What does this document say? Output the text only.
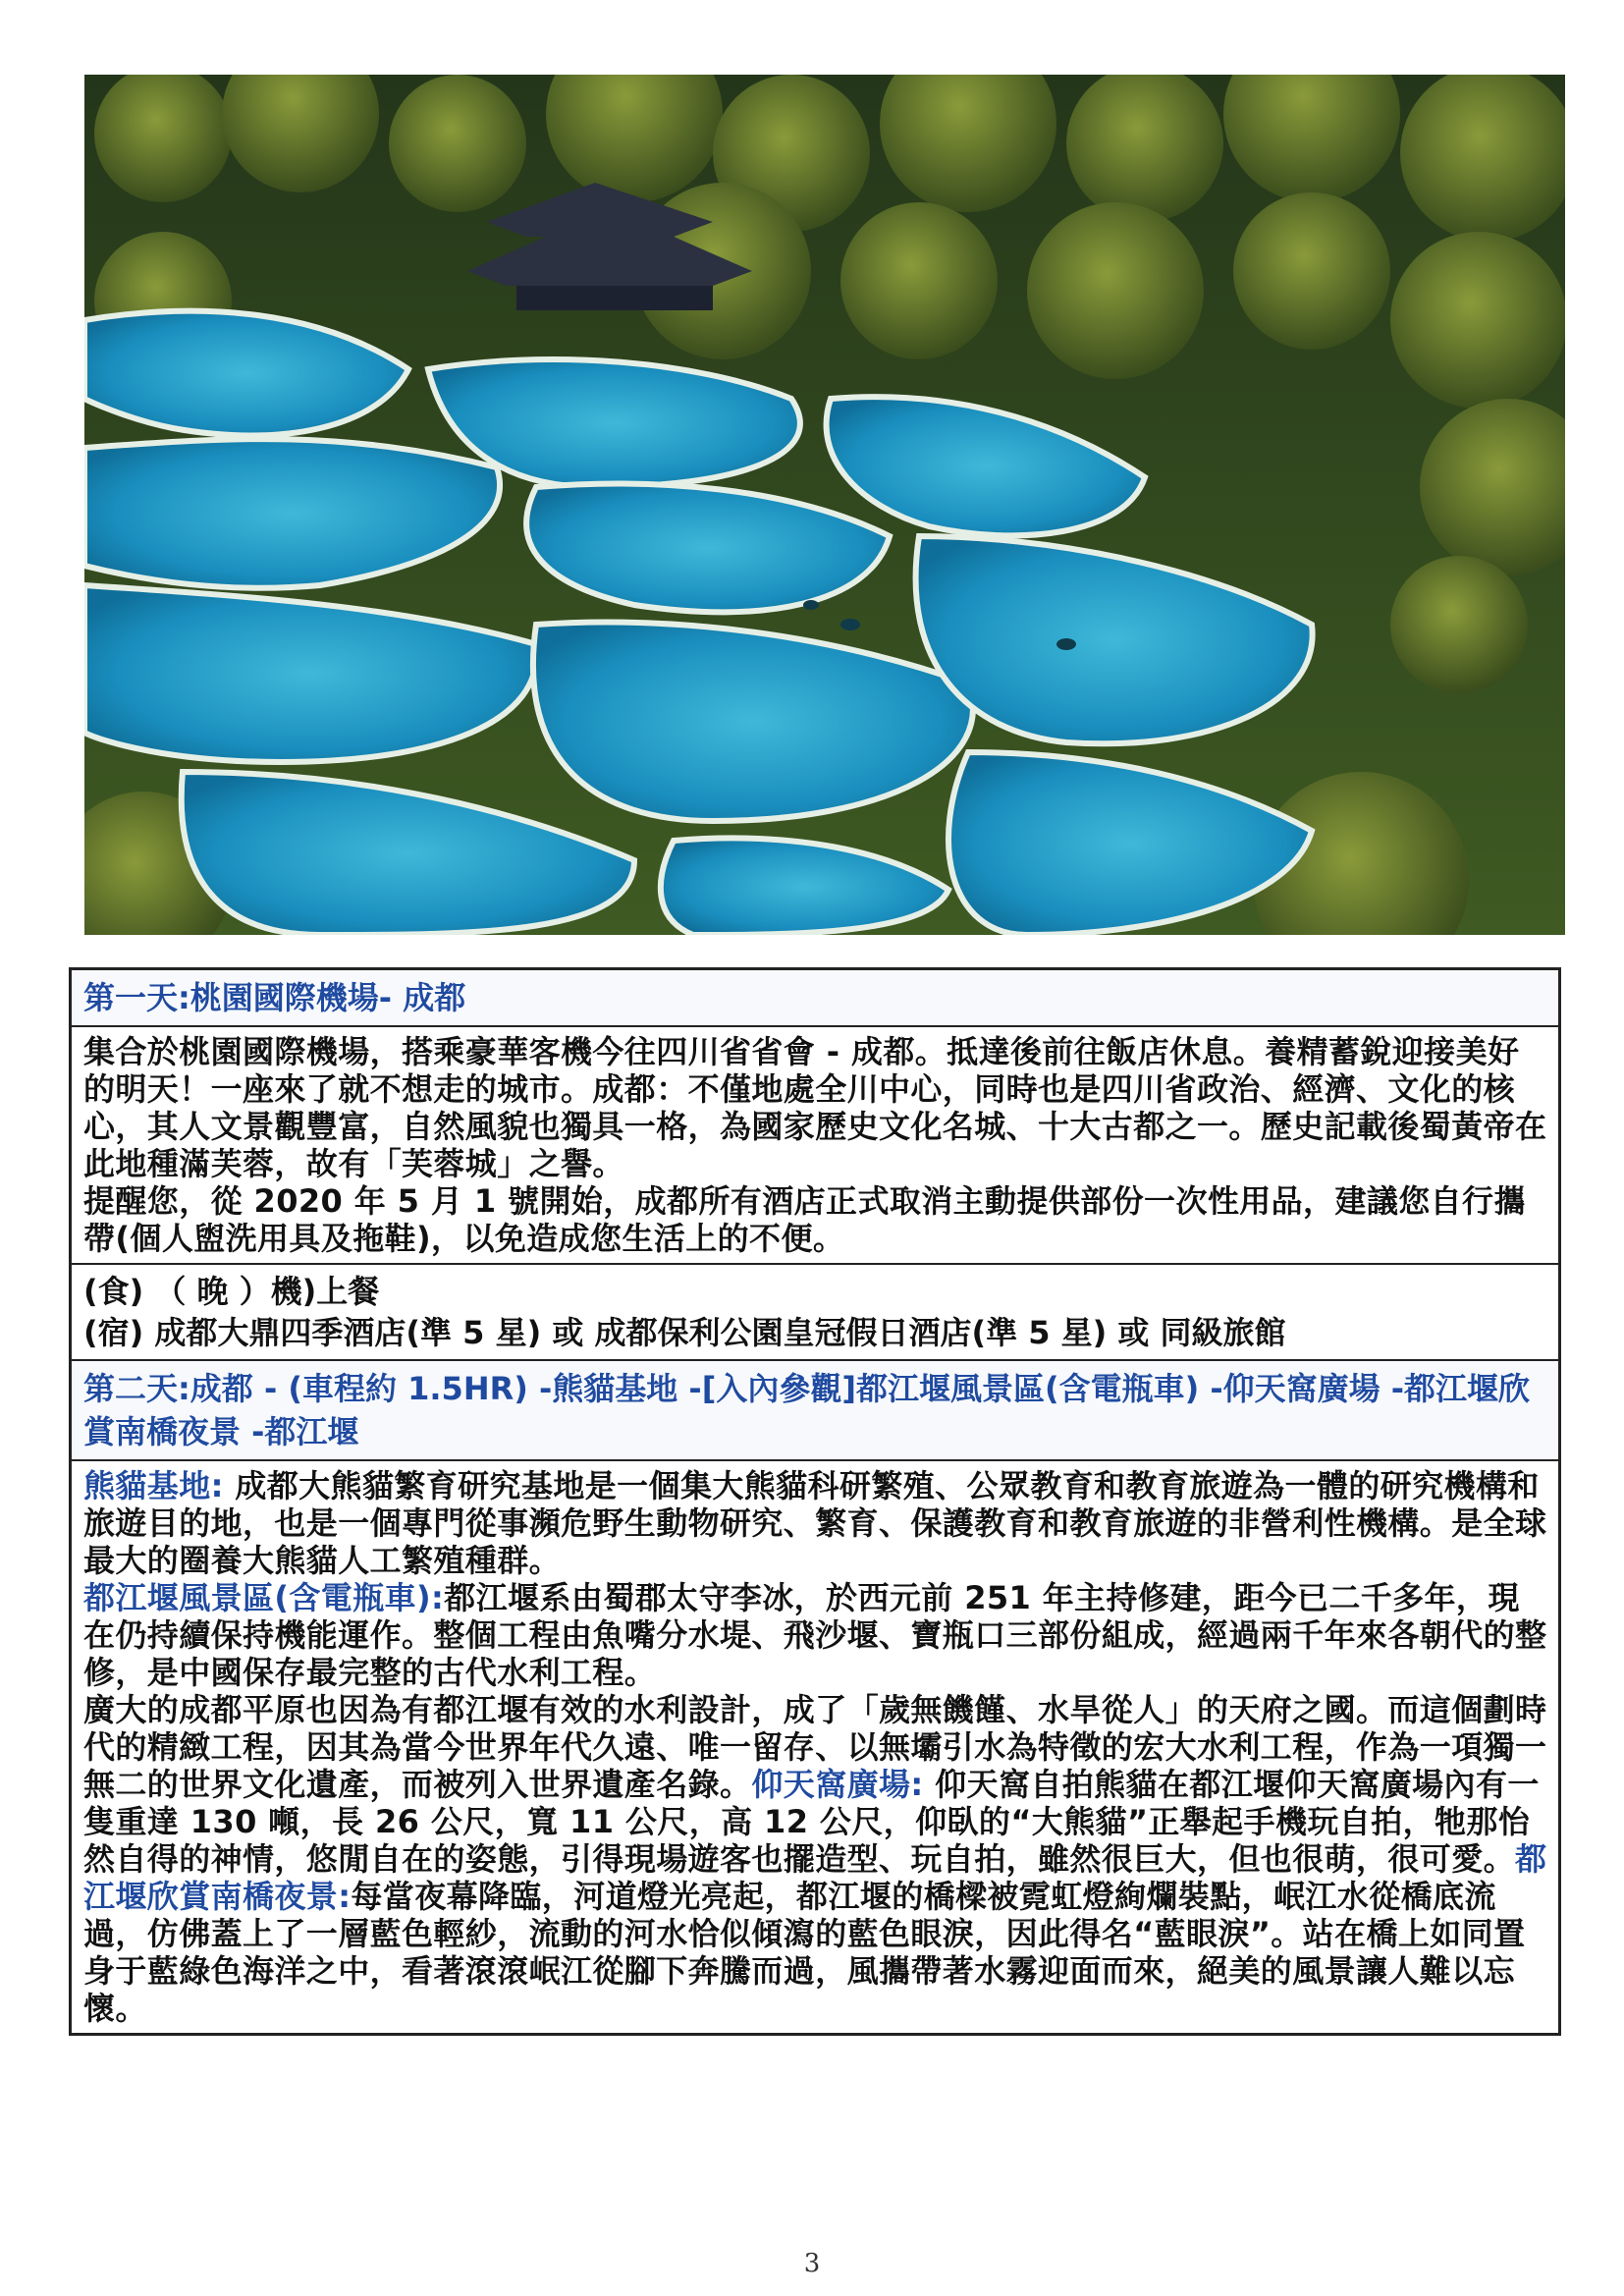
第一天:桃園國際機場- 成都

集合於桃園國際機場，搭乘豪華客機今往四川省省會 - 成都。抵達後前往飯店休息。養精蓄銳迎接美好的明天！一座來了就不想走的城市。成都：不僅地處全川中心，同時也是四川省政治、經濟、文化的核心，其人文景觀豐富，自然風貌也獨具一格，為國家歷史文化名城、十大古都之一。歷史記載後蜀黃帝在此地種滿芙蓉，故有「芙蓉城」之譽。

提醒您，從 2020 年 5 月 1 號開始，成都所有酒店正式取消主動提供部份一次性用品，建議您自行攜帶(個人盥洗用具及拖鞋)，以免造成您生活上的不便。

(食) （ 晚 ）機)上餐
(宿) 成都大鼎四季酒店(準 5 星) 或 成都保利公園皇冠假日酒店(準 5 星) 或 同級旅館
第二天:成都 - (車程約 1.5HR) -熊貓基地 -[入內參觀]都江堰風景區(含電瓶車) -仰天窩廣場 -都江堰欣賞南橋夜景 -都江堰

熊貓基地: 成都大熊貓繁育研究基地是一個集大熊貓科研繁殖、公眾教育和教育旅遊為一體的研究機構和旅遊目的地，也是一個專門從事瀕危野生動物研究、繁育、保護教育和教育旅遊的非營利性機構。是全球最大的圈養大熊貓人工繁殖種群。

都江堰風景區(含電瓶車):都江堰系由蜀郡太守李冰，於西元前 251 年主持修建，距今已二千多年，現在仍持續保持機能運作。整個工程由魚嘴分水堤、飛沙堰、寶瓶口三部份組成，經過兩千年來各朝代的整修，是中國保存最完整的古代水利工程。

廣大的成都平原也因為有都江堰有效的水利設計，成了「歲無饑饉、水旱從人」的天府之國。而這個劃時代的精緻工程，因其為當今世界年代久遠、唯一留存、以無壩引水為特徵的宏大水利工程，作為一項獨一無二的世界文化遺產，而被列入世界遺產名錄。仰天窩廣場: 仰天窩自拍熊貓在都江堰仰天窩廣場內有一隻重達 130 噸，長 26 公尺，寬 11 公尺，高 12 公尺，仰臥的“大熊貓”正舉起手機玩自拍，牠那怡然自得的神情，悠閒自在的姿態，引得現場遊客也擺造型、玩自拍，雖然很巨大，但也很萌，很可愛。都江堰欣賞南橋夜景:每當夜幕降臨，河道燈光亮起，都江堰的橋樑被霓虹燈絢爛裝點，岷江水從橋底流過，仿佛蓋上了一層藍色輕紗，流動的河水恰似傾瀉的藍色眼淚，因此得名“藍眼淚”。站在橋上如同置身于藍綠色海洋之中，看著滾滾岷江從腳下奔騰而過，風攜帶著水霧迎面而來，絕美的風景讓人難以忘懷。

3
